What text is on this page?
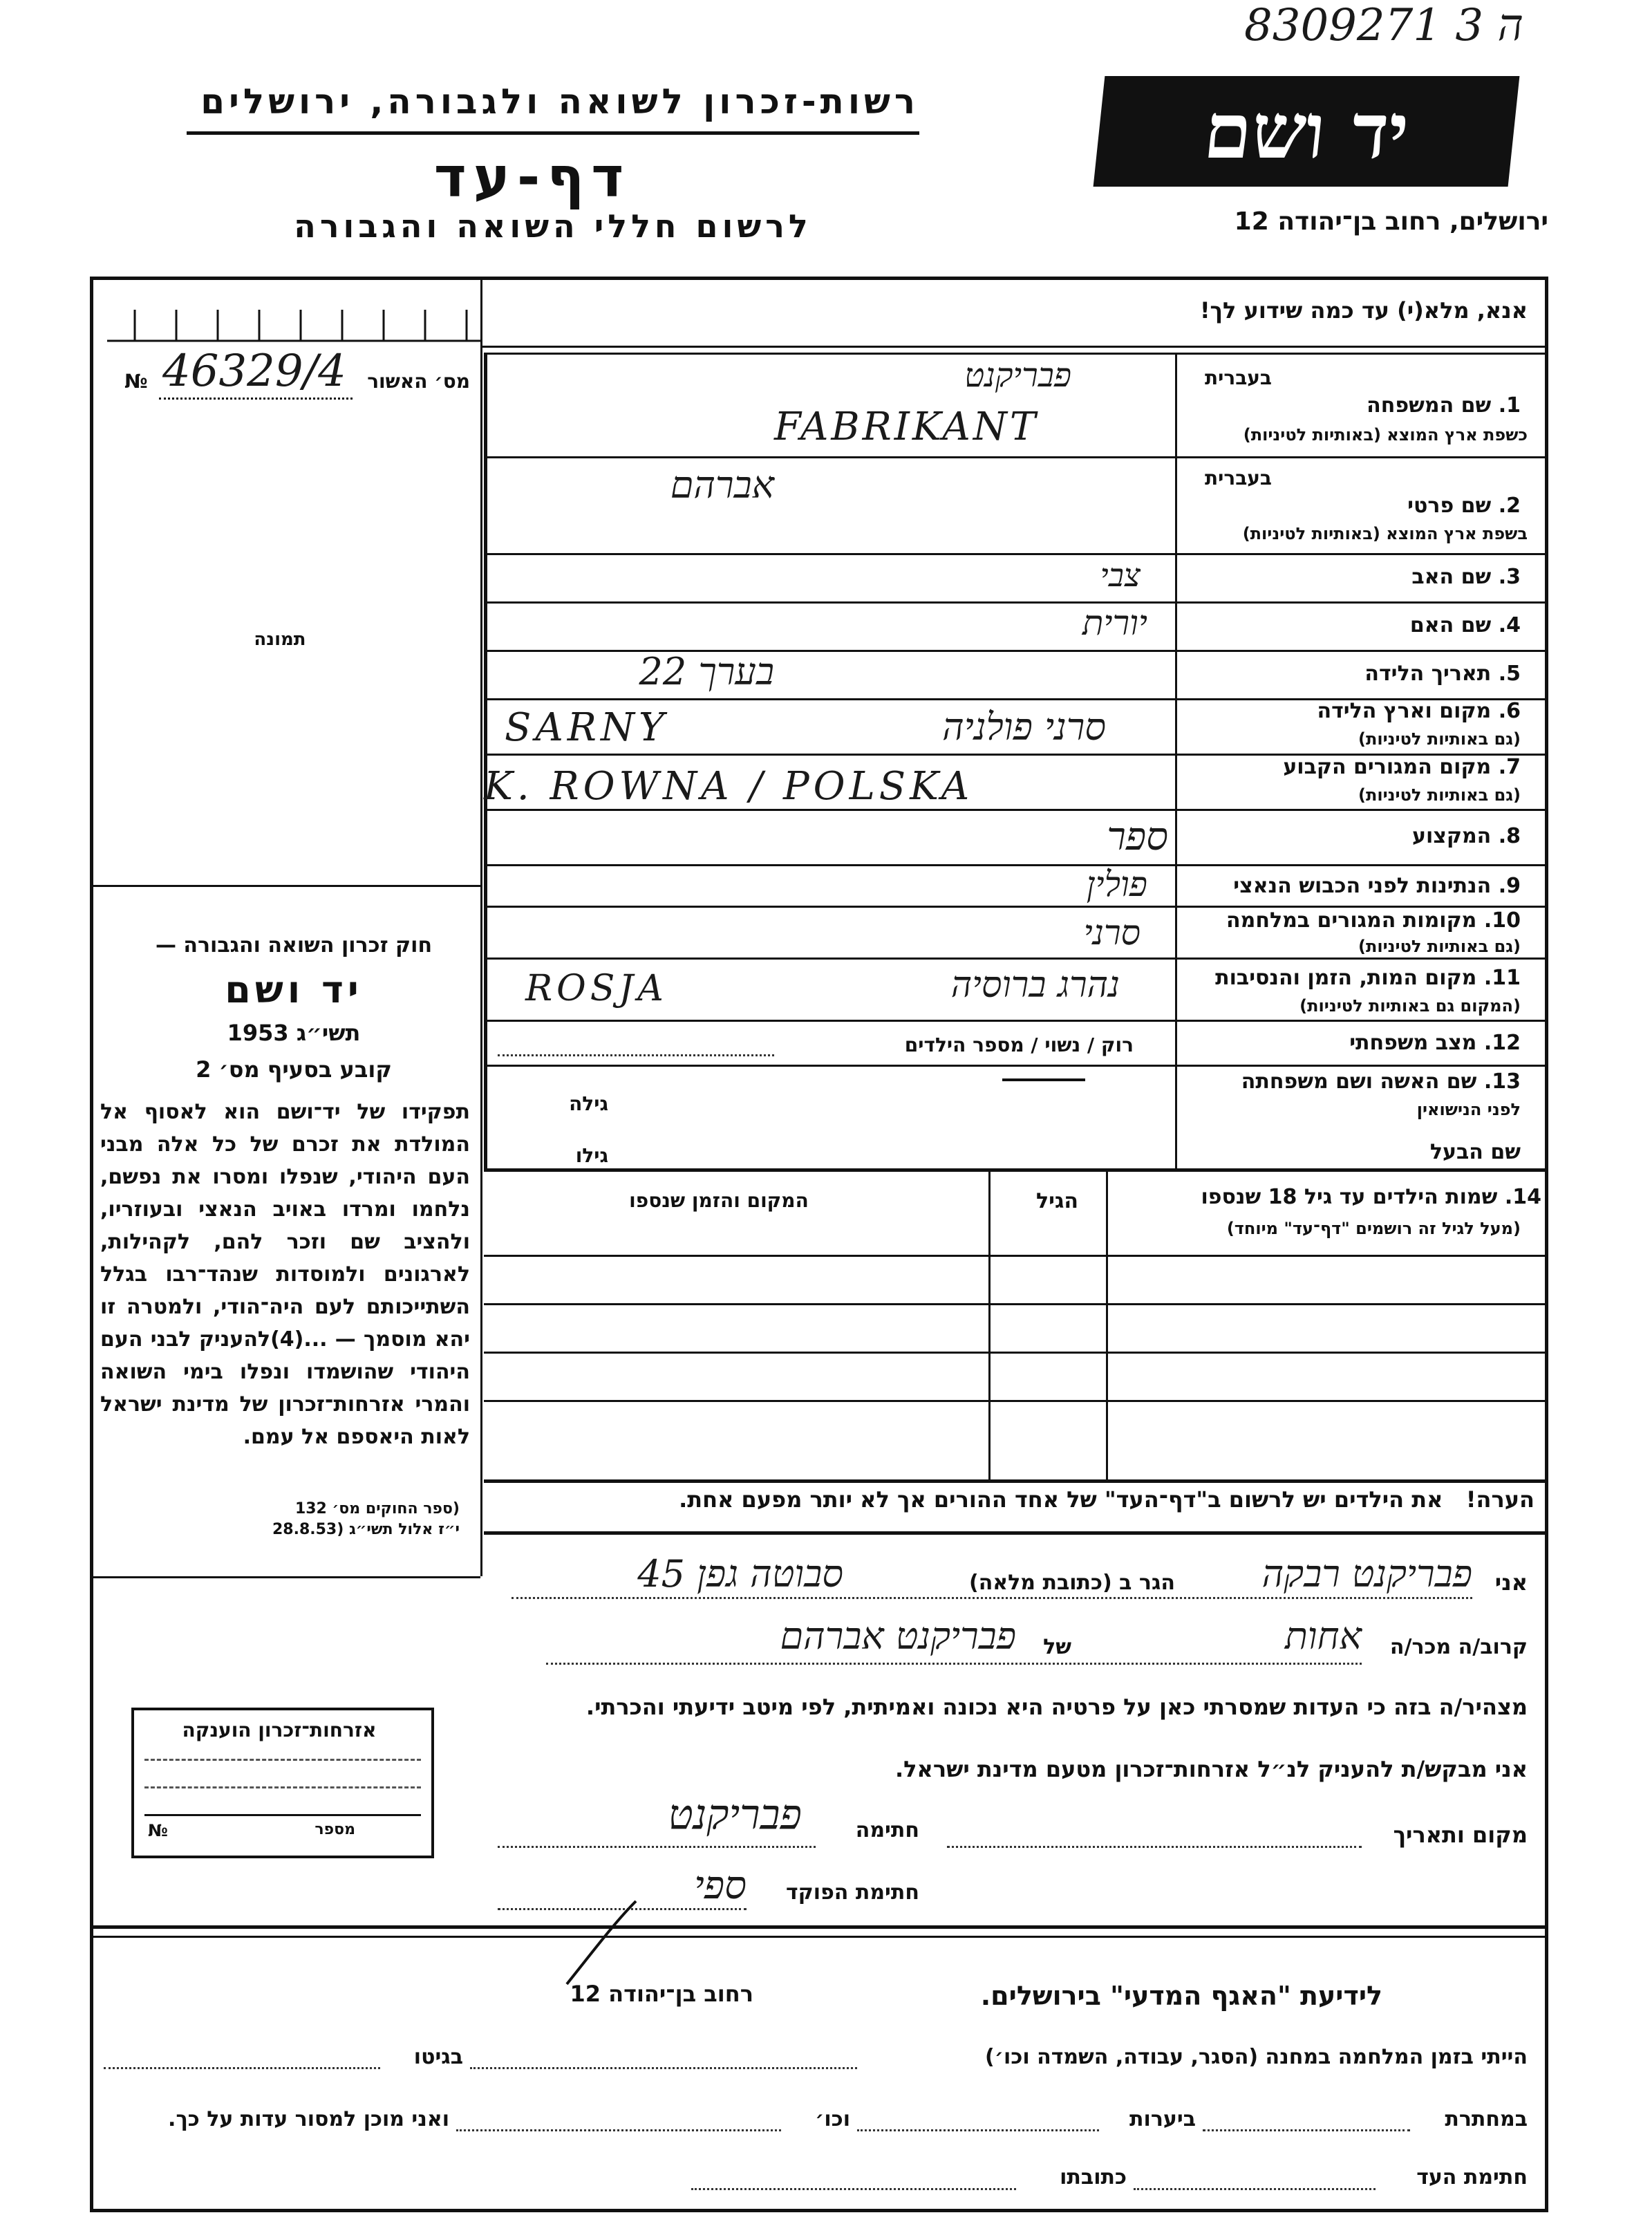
8309271 ה 3
רשות-זכרון לשואה ולגבורה, ירושלים
דף-עד
לרשום חללי השואה והגבורה
יד ושם
ירושלים, רחוב בן־יהודה 12
אנא, מלא(י) עד כמה שידוע לך!
№ 46329/4	מס׳ האשור
תמונה
חוק זכרון השואה והגבורה —
יד ושם
תשי״ג 1953
קובע בסעיף מס׳ 2
תפקידו של יד־ושם הוא לאסוף אל המולדת את זכרם של כל אלה מבני העם היהודי, שנפלו ומסרו את נפשם, נלחמו ומרדו באויב הנאצי ובעוזריו, ולהציב שם וזכר להם, לקהילות, לארגונים ולמוסדות שנהד־רבו בגלל השתייכותם לעם היה־הודי, ולמטרה זו יהא מוסמך — ...(4)להעניק לבני העם היהודי שהושמדו ונפלו בימי השואה והמרי אזרחות־זכרון של מדינת ישראל לאות היאספם אל עמם.
(ספר החוקים מס׳ 132
י״ז אלול תשי״ג (28.8.53
בעברית
1. שם המשפחה
כשפת ארץ המוצא (באותיות לטיניות)
פבריקנט
FABRIKANT
בעברית
2. שם פרטי
בשפת ארץ המוצא (באותיות לטיניות)
אברהם
3. שם האב
צבי
4. שם האם
יורית
5. תאריך הלידה
בערך 22
6. מקום וארץ הלידה
(גם באותיות לטיניות)
SARNY	סרני פולניה
7. מקום המגורים הקבוע
(גם באותיות לטיניות)
K. ROWNA / POLSKA
8. המקצוע
ספר
9. הנתינות לפני הכבוש הנאצי
פולין
10. מקומות המגורים במלחמה
(גם באותיות לטיניות)
סרני
11. מקום המות, הזמן והנסיבות
(המקום גם באותיות לטיניות)
ROSJA	נהרג ברוסיה
12. מצב משפחתי
רוק / נשוי / מספר הילדים
13. שם האשה ושם משפחתה
לפני הנישואין
גילה
שם הבעל
גילו
14. שמות הילדים עד גיל 18 שנספו
(מעל לגיל זה רושמים "דף־עד" מיוחד)
הגיל
המקום והזמן שנספו
הערה!   את הילדים יש לרשום ב"דף־העד" של אחד ההורים אך לא יותר מפעם אחת.
אני
פבריקנט רבקה
הגר ב (כתובת מלאה)
סבוטה גפן 45
קרוב/ה מכר/ה
אחות
של
פבריקנט אברהם
מצהיר/ה בזה כי העדות שמסרתי כאן על פרטיה היא נכונה ואמיתית, לפי מיטב ידיעתי והכרתי.
אני מבקש/ת להעניק לנ״ל אזרחות־זכרון מטעם מדינת ישראל.
מקום ותאריך
חתימה
פבריקנט
חתימת הפוקד
ספי
אזרחות־זכרון הוענקה
№	מספר
לידיעת "האגף המדעי" בירושלים.
רחוב בן־יהודה 12
הייתי בזמן המלחמה במחנה (הסגר, עבודה, השמדה וכו׳)
בגיטו
במחתרת
ביערות
וכו׳
ואני מוכן למסור עדות על כך.
חתימת העד
כתובתו
